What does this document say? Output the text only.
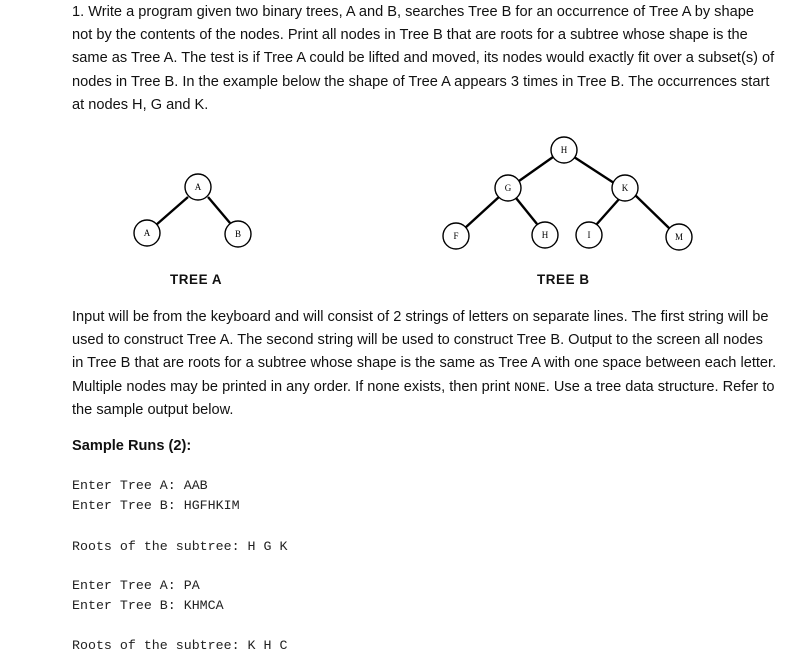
1. Write a program given two binary trees, A and B, searches Tree B for an occurrence of Tree A by shape not by the contents of the nodes. Print all nodes in Tree B that are roots for a subtree whose shape is the same as Tree A. The test is if Tree A could be lifted and moved, its nodes would exactly fit over a subset(s) of nodes in Tree B. In the example below the shape of Tree A appears 3 times in Tree B. The occurrences start at nodes H, G and K.
A
A	B
H
G	K
F	H	I	M
TREE A	TREE B
Input will be from the keyboard and will consist of 2 strings of letters on separate lines. The first string will be used to construct Tree A. The second string will be used to construct Tree B. Output to the screen all nodes in Tree B that are roots for a subtree whose shape is the same as Tree A with one space between each letter. Multiple nodes may be printed in any order. If none exists, then print NONE. Use a tree data structure. Refer to the sample output below.
Sample Runs (2):
Enter Tree A: AAB
Enter Tree B: HGFHKIM
Roots of the subtree: H G K
Enter Tree A: PA
Enter Tree B: KHMCA
Roots of the subtree: K H C
